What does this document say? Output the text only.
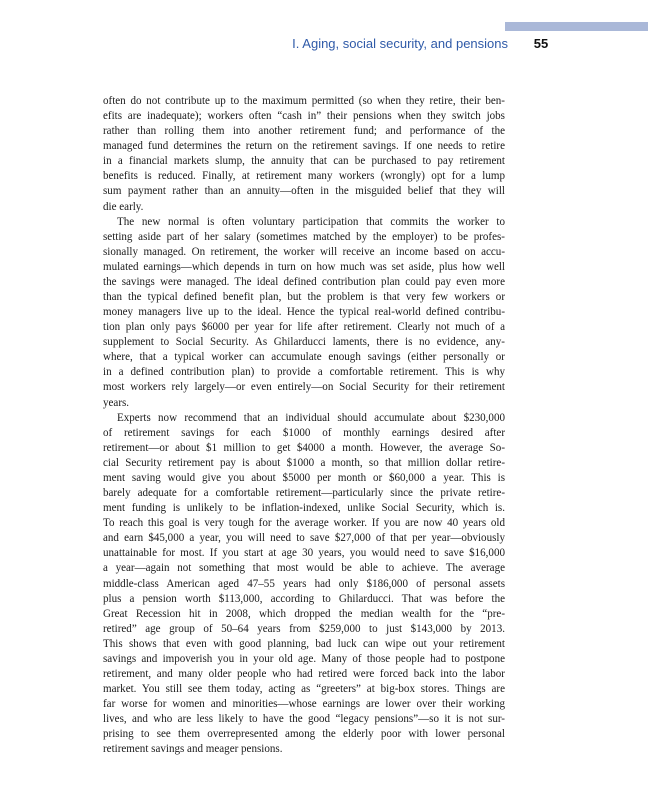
I. Aging, social security, and pensions	55
often do not contribute up to the maximum permitted (so when they retire, their ben-
efits are inadequate); workers often “cash in” their pensions when they switch jobs
rather than rolling them into another retirement fund; and performance of the
managed fund determines the return on the retirement savings. If one needs to retire
in a financial markets slump, the annuity that can be purchased to pay retirement
benefits is reduced. Finally, at retirement many workers (wrongly) opt for a lump
sum payment rather than an annuity—often in the misguided belief that they will
die early.
The new normal is often voluntary participation that commits the worker to
setting aside part of her salary (sometimes matched by the employer) to be profes-
sionally managed. On retirement, the worker will receive an income based on accu-
mulated earnings—which depends in turn on how much was set aside, plus how well
the savings were managed. The ideal defined contribution plan could pay even more
than the typical defined benefit plan, but the problem is that very few workers or
money managers live up to the ideal. Hence the typical real-world defined contribu-
tion plan only pays $6000 per year for life after retirement. Clearly not much of a
supplement to Social Security. As Ghilarducci laments, there is no evidence, any-
where, that a typical worker can accumulate enough savings (either personally or
in a defined contribution plan) to provide a comfortable retirement. This is why
most workers rely largely—or even entirely—on Social Security for their retirement
years.
Experts now recommend that an individual should accumulate about $230,000
of retirement savings for each $1000 of monthly earnings desired after
retirement—or about $1 million to get $4000 a month. However, the average So-
cial Security retirement pay is about $1000 a month, so that million dollar retire-
ment saving would give you about $5000 per month or $60,000 a year. This is
barely adequate for a comfortable retirement—particularly since the private retire-
ment funding is unlikely to be inflation-indexed, unlike Social Security, which is.
To reach this goal is very tough for the average worker. If you are now 40 years old
and earn $45,000 a year, you will need to save $27,000 of that per year—obviously
unattainable for most. If you start at age 30 years, you would need to save $16,000
a year—again not something that most would be able to achieve. The average
middle-class American aged 47–55 years had only $186,000 of personal assets
plus a pension worth $113,000, according to Ghilarducci. That was before the
Great Recession hit in 2008, which dropped the median wealth for the “pre-
retired” age group of 50–64 years from $259,000 to just $143,000 by 2013.
This shows that even with good planning, bad luck can wipe out your retirement
savings and impoverish you in your old age. Many of those people had to postpone
retirement, and many older people who had retired were forced back into the labor
market. You still see them today, acting as “greeters” at big-box stores. Things are
far worse for women and minorities—whose earnings are lower over their working
lives, and who are less likely to have the good “legacy pensions”—so it is not sur-
prising to see them overrepresented among the elderly poor with lower personal
retirement savings and meager pensions.
